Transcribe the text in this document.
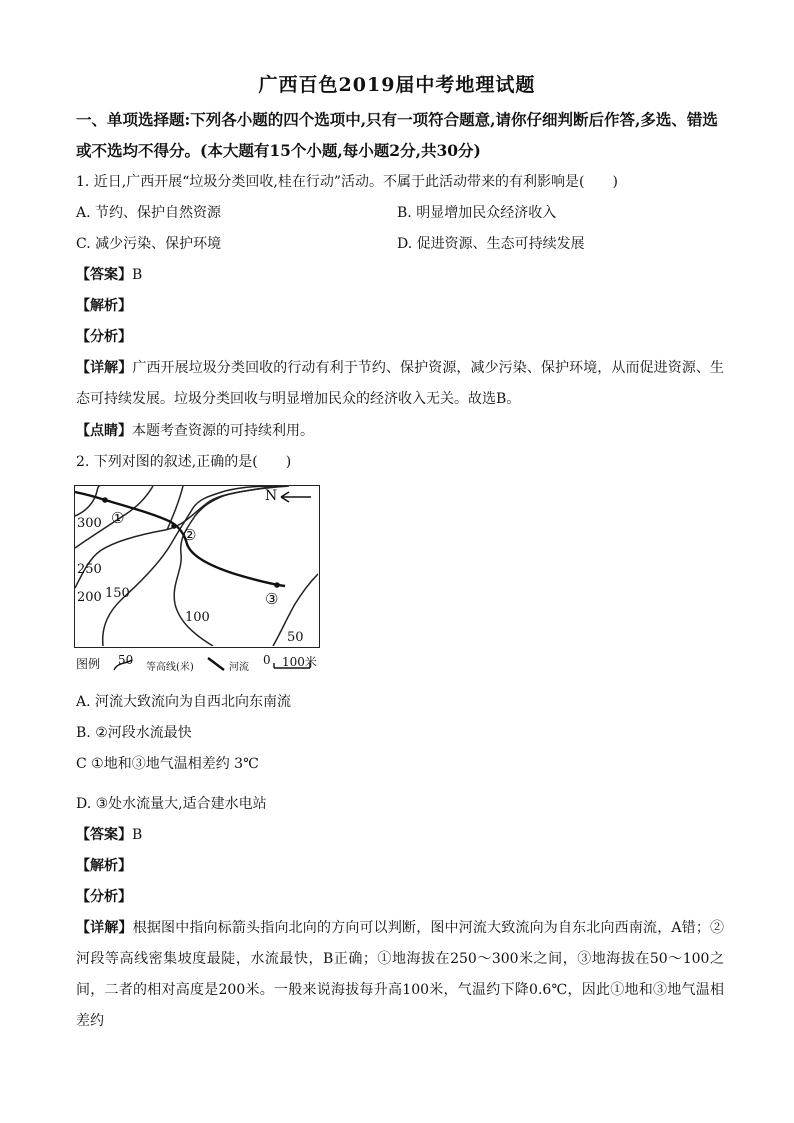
广西百色2019届中考地理试题
一、单项选择题:下列各小题的四个选项中,只有一项符合题意,请你仔细判断后作答,多选、错选或不选均不得分。(本大题有15个小题,每小题2分,共30分)
1. 近日,广西开展“垃圾分类回收,桂在行动”活动。不属于此活动带来的有利影响是(　　)
A. 节约、保护自然资源	B. 明显增加民众经济收入
C. 减少污染、保护环境	D. 促进资源、生态可持续发展
【答案】B
【解析】
【分析】
【详解】广西开展垃圾分类回收的行动有利于节约、保护资源，减少污染、保护环境，从而促进资源、生态可持续发展。垃圾分类回收与明显增加民众的经济收入无关。故选B。
【点睛】本题考查资源的可持续利用。
2. 下列对图的叙述,正确的是(　　)
300
250
200 150
100
50
①
②
③
N
图例 50
等高线(米)	河流
0 100米
A. 河流大致流向为自西北向东南流
B. ②河段水流最快
C ①地和③地气温相差约 3℃
D. ③处水流量大,适合建水电站
【答案】B
【解析】
【分析】
【详解】根据图中指向标箭头指向北向的方向可以判断，图中河流大致流向为自东北向西南流，A错；②河段等高线密集坡度最陡，水流最快，B正确；①地海拔在250～300米之间，③地海拔在50～100之间，二者的相对高度是200米。一般来说海拔每升高100米，气温约下降0.6℃，因此①地和③地气温相差约
